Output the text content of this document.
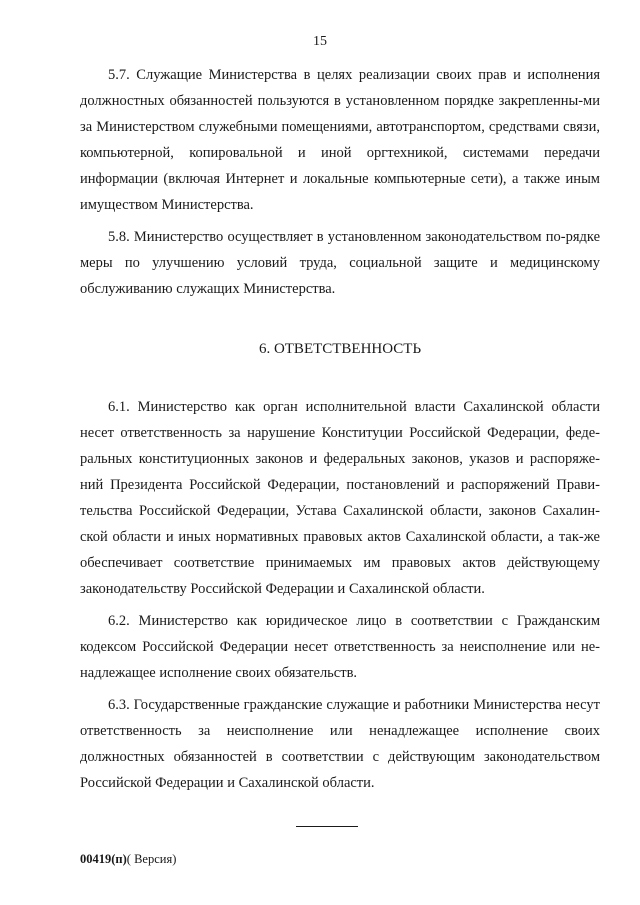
15

5.7. Служащие Министерства в целях реализации своих прав и исполнения должностных обязанностей пользуются в установленном порядке закрепленны-ми за Министерством служебными помещениями, автотранспортом, средствами связи, компьютерной, копировальной и иной оргтехникой, системами передачи информации (включая Интернет и локальные компьютерные сети), а также иным имуществом Министерства.

5.8. Министерство осуществляет в установленном законодательством по-рядке меры по улучшению условий труда, социальной защите и медицинскому обслуживанию служащих Министерства.

6. ОТВЕТСТВЕННОСТЬ

6.1. Министерство как орган исполнительной власти Сахалинской области несет ответственность за нарушение Конституции Российской Федерации, феде-ральных конституционных законов и федеральных законов, указов и распоряже-ний Президента Российской Федерации, постановлений и распоряжений Прави-тельства Российской Федерации, Устава Сахалинской области, законов Сахалин-ской области и иных нормативных правовых актов Сахалинской области, а так-же обеспечивает соответствие принимаемых им правовых актов действующему законодательству Российской Федерации и Сахалинской области.

6.2. Министерство как юридическое лицо в соответствии с Гражданским кодексом Российской Федерации несет ответственность за неисполнение или не-надлежащее исполнение своих обязательств.

6.3. Государственные гражданские служащие и работники Министерства несут ответственность за неисполнение или ненадлежащее исполнение своих должностных обязанностей в соответствии с действующим законодательством Российской Федерации и Сахалинской области.

00419(п)( Версия)
